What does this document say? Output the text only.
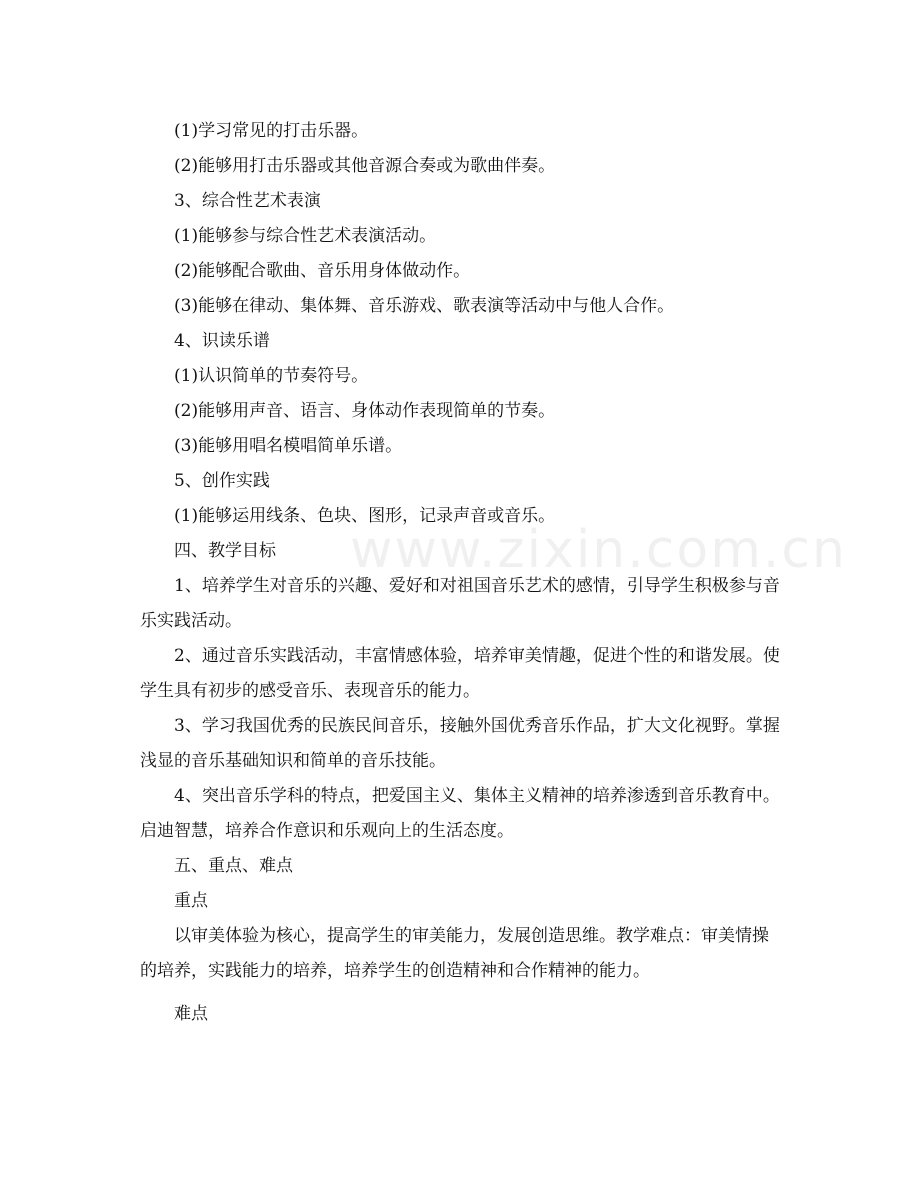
www.zixin.com.cn

(1)学习常见的打击乐器。

(2)能够用打击乐器或其他音源合奏或为歌曲伴奏。

3、综合性艺术表演

(1)能够参与综合性艺术表演活动。

(2)能够配合歌曲、音乐用身体做动作。

(3)能够在律动、集体舞、音乐游戏、歌表演等活动中与他人合作。

4、识读乐谱

(1)认识简单的节奏符号。

(2)能够用声音、语言、身体动作表现简单的节奏。

(3)能够用唱名模唱简单乐谱。

5、创作实践

(1)能够运用线条、色块、图形，记录声音或音乐。

四、教学目标

1、培养学生对音乐的兴趣、爱好和对祖国音乐艺术的感情，引导学生积极参与音乐实践活动。

2、通过音乐实践活动，丰富情感体验，培养审美情趣，促进个性的和谐发展。使学生具有初步的感受音乐、表现音乐的能力。

3、学习我国优秀的民族民间音乐，接触外国优秀音乐作品，扩大文化视野。掌握浅显的音乐基础知识和简单的音乐技能。

4、突出音乐学科的特点，把爱国主义、集体主义精神的培养渗透到音乐教育中。启迪智慧，培养合作意识和乐观向上的生活态度。

五、重点、难点

重点

以审美体验为核心，提高学生的审美能力，发展创造思维。教学难点：审美情操的培养，实践能力的培养，培养学生的创造精神和合作精神的能力。

难点
